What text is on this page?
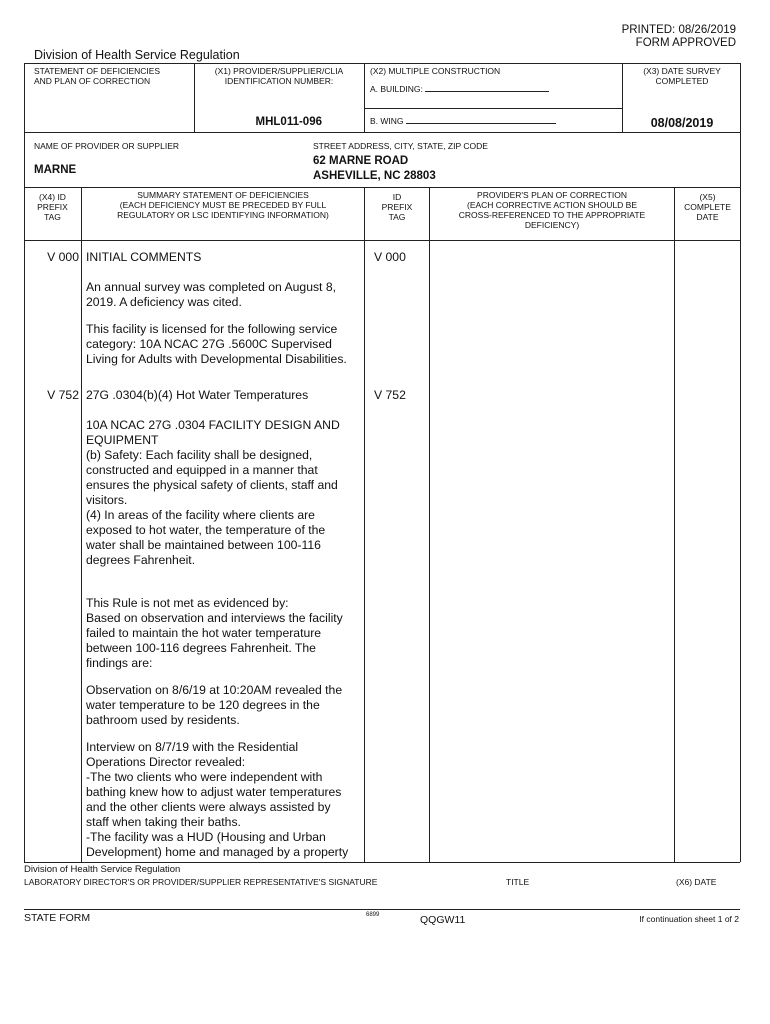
PRINTED: 08/26/2019
FORM APPROVED
Division of Health Service Regulation
STATEMENT OF DEFICIENCIES
AND PLAN OF CORRECTION
(X1) PROVIDER/SUPPLIER/CLIA
IDENTIFICATION NUMBER:
MHL011-096
(X2) MULTIPLE CONSTRUCTION
A. BUILDING:
B. WING
(X3) DATE SURVEY
COMPLETED
08/08/2019
NAME OF PROVIDER OR SUPPLIER
MARNE
STREET ADDRESS, CITY, STATE, ZIP CODE
62 MARNE ROAD
ASHEVILLE, NC 28803
(X4) ID
PREFIX
TAG
SUMMARY STATEMENT OF DEFICIENCIES
(EACH DEFICIENCY MUST BE PRECEDED BY FULL
REGULATORY OR LSC IDENTIFYING INFORMATION)
ID
PREFIX
TAG
PROVIDER'S PLAN OF CORRECTION
(EACH CORRECTIVE ACTION SHOULD BE
CROSS-REFERENCED TO THE APPROPRIATE
DEFICIENCY)
(X5)
COMPLETE
DATE
V 000	V 000
INITIAL COMMENTS
An annual survey was completed on August 8,
2019. A deficiency was cited.
This facility is licensed for the following service
category: 10A NCAC 27G .5600C Supervised
Living for Adults with Developmental Disabilities.
V 752	V 752
27G .0304(b)(4) Hot Water Temperatures
10A NCAC 27G .0304 FACILITY DESIGN AND
EQUIPMENT
(b) Safety: Each facility shall be designed,
constructed and equipped in a manner that
ensures the physical safety of clients, staff and
visitors.
(4) In areas of the facility where clients are
exposed to hot water, the temperature of the
water shall be maintained between 100-116
degrees Fahrenheit.
This Rule is not met as evidenced by:
Based on observation and interviews the facility
failed to maintain the hot water temperature
between 100-116 degrees Fahrenheit. The
findings are:
Observation on 8/6/19 at 10:20AM revealed the
water temperature to be 120 degrees in the
bathroom used by residents.
Interview on 8/7/19 with the Residential
Operations Director revealed:
-The two clients who were independent with
bathing knew how to adjust water temperatures
and the other clients were always assisted by
staff when taking their baths.
-The facility was a HUD (Housing and Urban
Development) home and managed by a property
Division of Health Service Regulation
LABORATORY DIRECTOR'S OR PROVIDER/SUPPLIER REPRESENTATIVE'S SIGNATURE	TITLE	(X6) DATE
STATE FORM	6899	QQGW11	If continuation sheet 1 of 2
